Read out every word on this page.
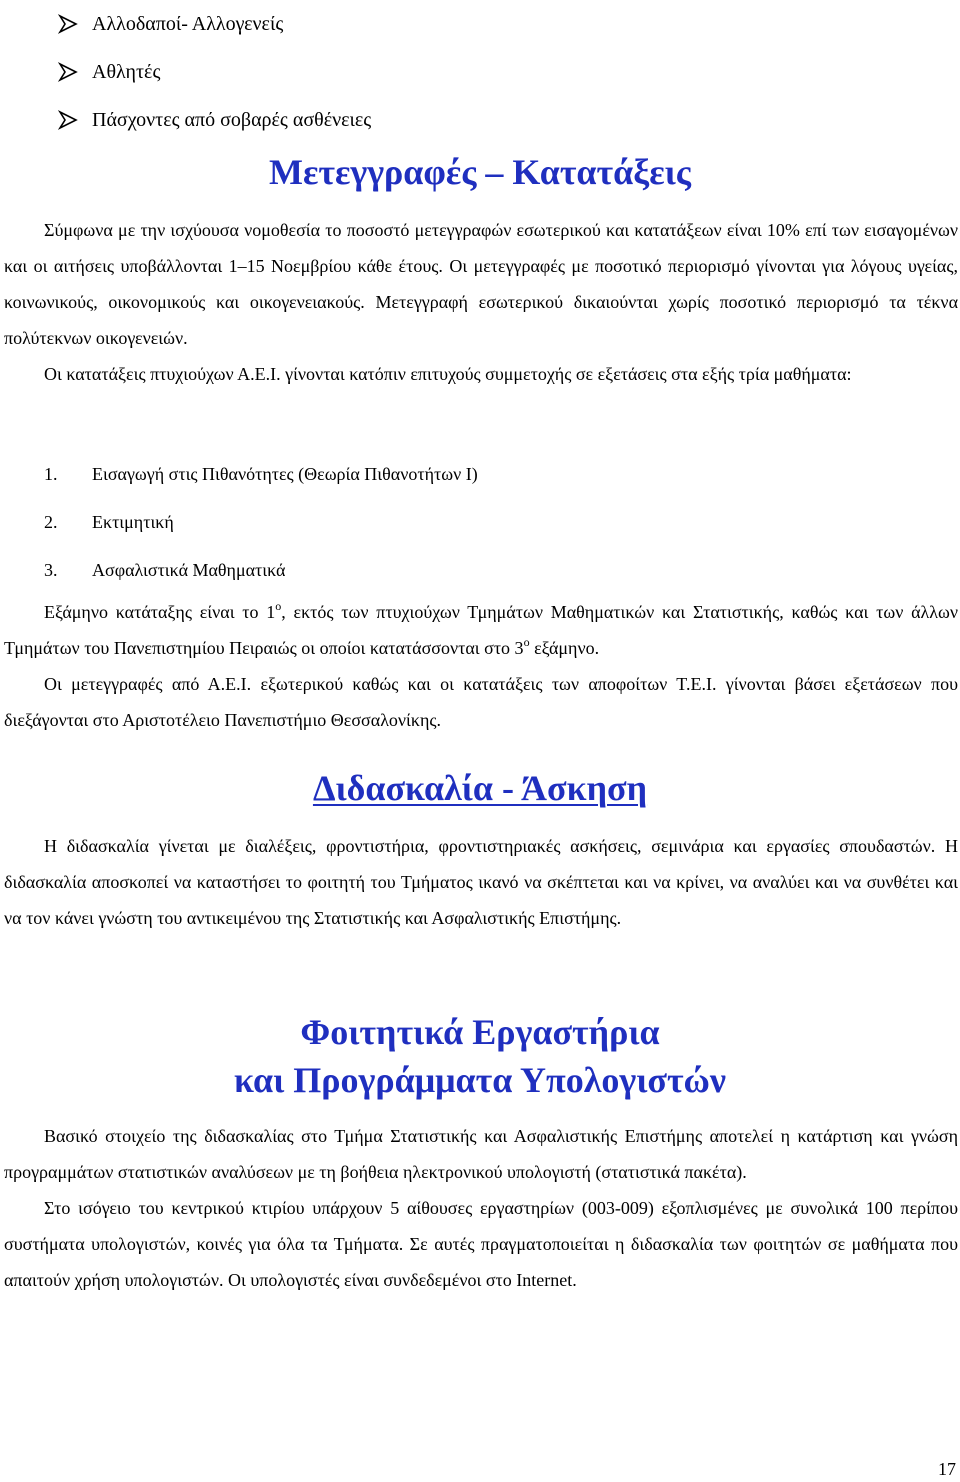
Αλλοδαποί- Αλλογενείς
Αθλητές
Πάσχοντες από σοβαρές ασθένειες
Μετεγγραφές – Κατατάξεις

Σύμφωνα με την ισχύουσα νομοθεσία το ποσοστό μετεγγραφών εσωτερικού και κατατάξεων είναι 10% επί των εισαγομένων και οι αιτήσεις υποβάλλονται 1–15 Νοεμβρίου κάθε έτους. Οι μετεγγραφές με ποσοτικό περιορισμό γίνονται για λόγους υγείας, κοινωνικούς, οικονομικούς και οικογενειακούς. Μετεγγραφή εσωτερικού δικαιούνται χωρίς ποσοτικό περιορισμό τα τέκνα πολύτεκνων οικογενειών.

Οι κατατάξεις πτυχιούχων Α.Ε.Ι. γίνονται κατόπιν επιτυχούς συμμετοχής σε εξετάσεις στα εξής τρία μαθήματα:

1.	Εισαγωγή στις Πιθανότητες (Θεωρία Πιθανοτήτων Ι)
2.	Εκτιμητική
3.	Ασφαλιστικά Μαθηματικά

Εξάμηνο κατάταξης είναι το $1^o$, εκτός των πτυχιούχων Τμημάτων Μαθηματικών και Στατιστικής, καθώς και των άλλων Τμημάτων του Πανεπιστημίου Πειραιώς οι οποίοι κατατάσσονται στο $3^o$ εξάμηνο.

Οι μετεγγραφές από Α.Ε.Ι. εξωτερικού καθώς και οι κατατάξεις των αποφοίτων Τ.Ε.Ι. γίνονται βάσει εξετάσεων που διεξάγονται στο Αριστοτέλειο Πανεπιστήμιο Θεσσαλονίκης.

Διδασκαλία - Άσκηση

Η διδασκαλία γίνεται με διαλέξεις, φροντιστήρια, φροντιστηριακές ασκήσεις, σεμινάρια και εργασίες σπουδαστών. Η διδασκαλία αποσκοπεί να καταστήσει το φοιτητή του Τμήματος ικανό να σκέπτεται και να κρίνει, να αναλύει και να συνθέτει και να τον κάνει γνώστη του αντικειμένου της Στατιστικής και Ασφαλιστικής Επιστήμης.

Φοιτητικά Εργαστήρια
και Προγράμματα Υπολογιστών

Βασικό στοιχείο της διδασκαλίας στο Τμήμα Στατιστικής και Ασφαλιστικής Επιστήμης αποτελεί η κατάρτιση και γνώση προγραμμάτων στατιστικών αναλύσεων με τη βοήθεια ηλεκτρονικού υπολογιστή (στατιστικά πακέτα).

Στο ισόγειο του κεντρικού κτιρίου υπάρχουν 5 αίθουσες εργαστηρίων (003-009) εξοπλισμένες με συνολικά 100 περίπου συστήματα υπολογιστών, κοινές για όλα τα Τμήματα. Σε αυτές πραγματοποιείται η διδασκαλία των φοιτητών σε μαθήματα που απαιτούν χρήση υπολογιστών. Οι υπολογιστές είναι συνδεδεμένοι στο Internet.

17
